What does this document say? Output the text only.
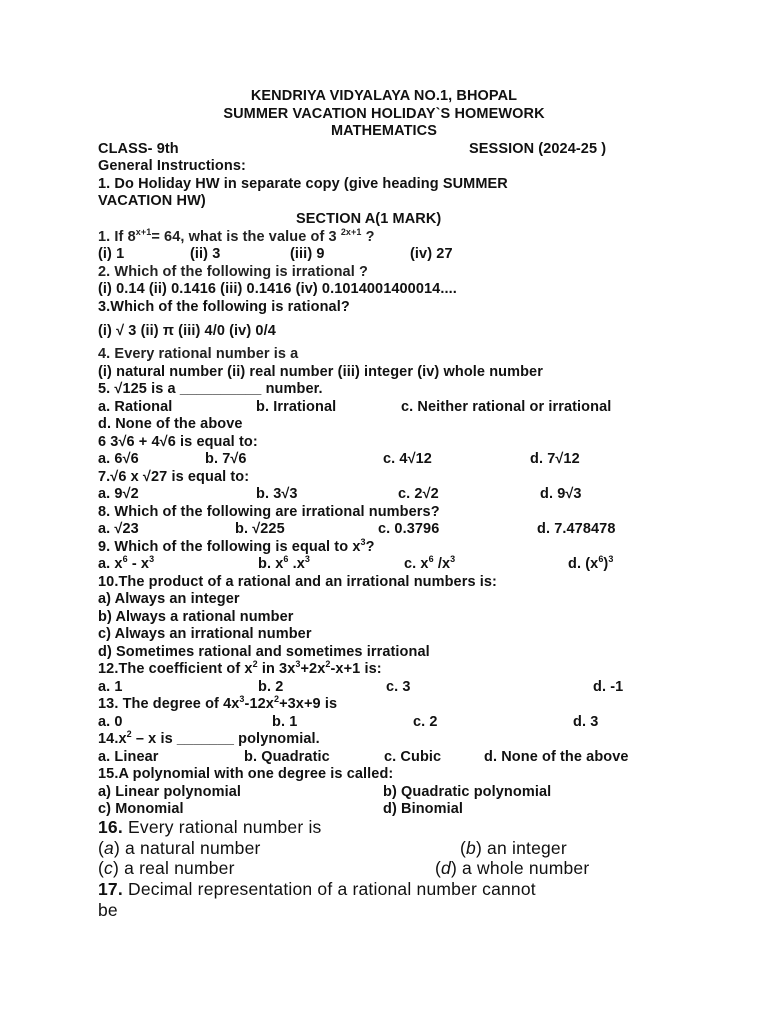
KENDRIYA VIDYALAYA NO.1, BHOPAL
SUMMER VACATION HOLIDAY`S HOMEWORK
MATHEMATICS
CLASS- 9th	SESSION (2024-25 )
General Instructions:
1. Do Holiday HW in separate copy (give heading SUMMER
VACATION HW)
SECTION A(1 MARK)
1. If $8^{x+1}= 64$, what is the value of 3 $^{2x+1}$ ?
(i) 1	(ii) 3	(iii) 9	(iv) 27
2. Which of the following is irrational ?
(i) 0.14 (ii) 0.1416 (iii) 0.1416 (iv) 0.1014001400014....
3.Which of the following is rational?
(i) √ 3 (ii) π (iii) 4/0 (iv) 0/4
4. Every rational number is a
(i) natural number (ii) real number (iii) integer (iv) whole number
5. √125 is a __________ number.
a. Rational	b. Irrational	c. Neither rational or irrational
d. None of the above
6 3√6 + 4√6 is equal to:
a. 6√6	b. 7√6	c. 4√12	d. 7√12
7.√6 x √27 is equal to:
a. 9√2	b. 3√3	c. 2√2	d. 9√3
8. Which of the following are irrational numbers?
a. √23	b. √225	c. 0.3796	d. 7.478478
9. Which of the following is equal to $x^3$?
a. $x^6 - x^3$	b. $x^6$ $.x^3$	c. $x^6$ $/x^3$	d. $(x^6)^3$
10.The product of a rational and an irrational numbers is:
a) Always an integer
b) Always a rational number
c) Always an irrational number
d) Sometimes rational and sometimes irrational
12.The coefficient of $x^2$ in $3x^3+2x^2-x+1$ is:
a. 1	b. 2	c. 3	d. -1
13. The degree of $4x^3-12x^2+3x+9$ is
a. 0	b. 1	c. 2	d. 3
$14.x^2$ – x is _______ polynomial.
a. Linear	b. Quadratic	c. Cubic	d. None of the above
15.A polynomial with one degree is called:
a) Linear polynomial	b) Quadratic polynomial
c) Monomial	d) Binomial
16. Every rational number is
(a) a natural number	(b) an integer
(c) a real number	(d) a whole number
17. Decimal representation of a rational number cannot
be
